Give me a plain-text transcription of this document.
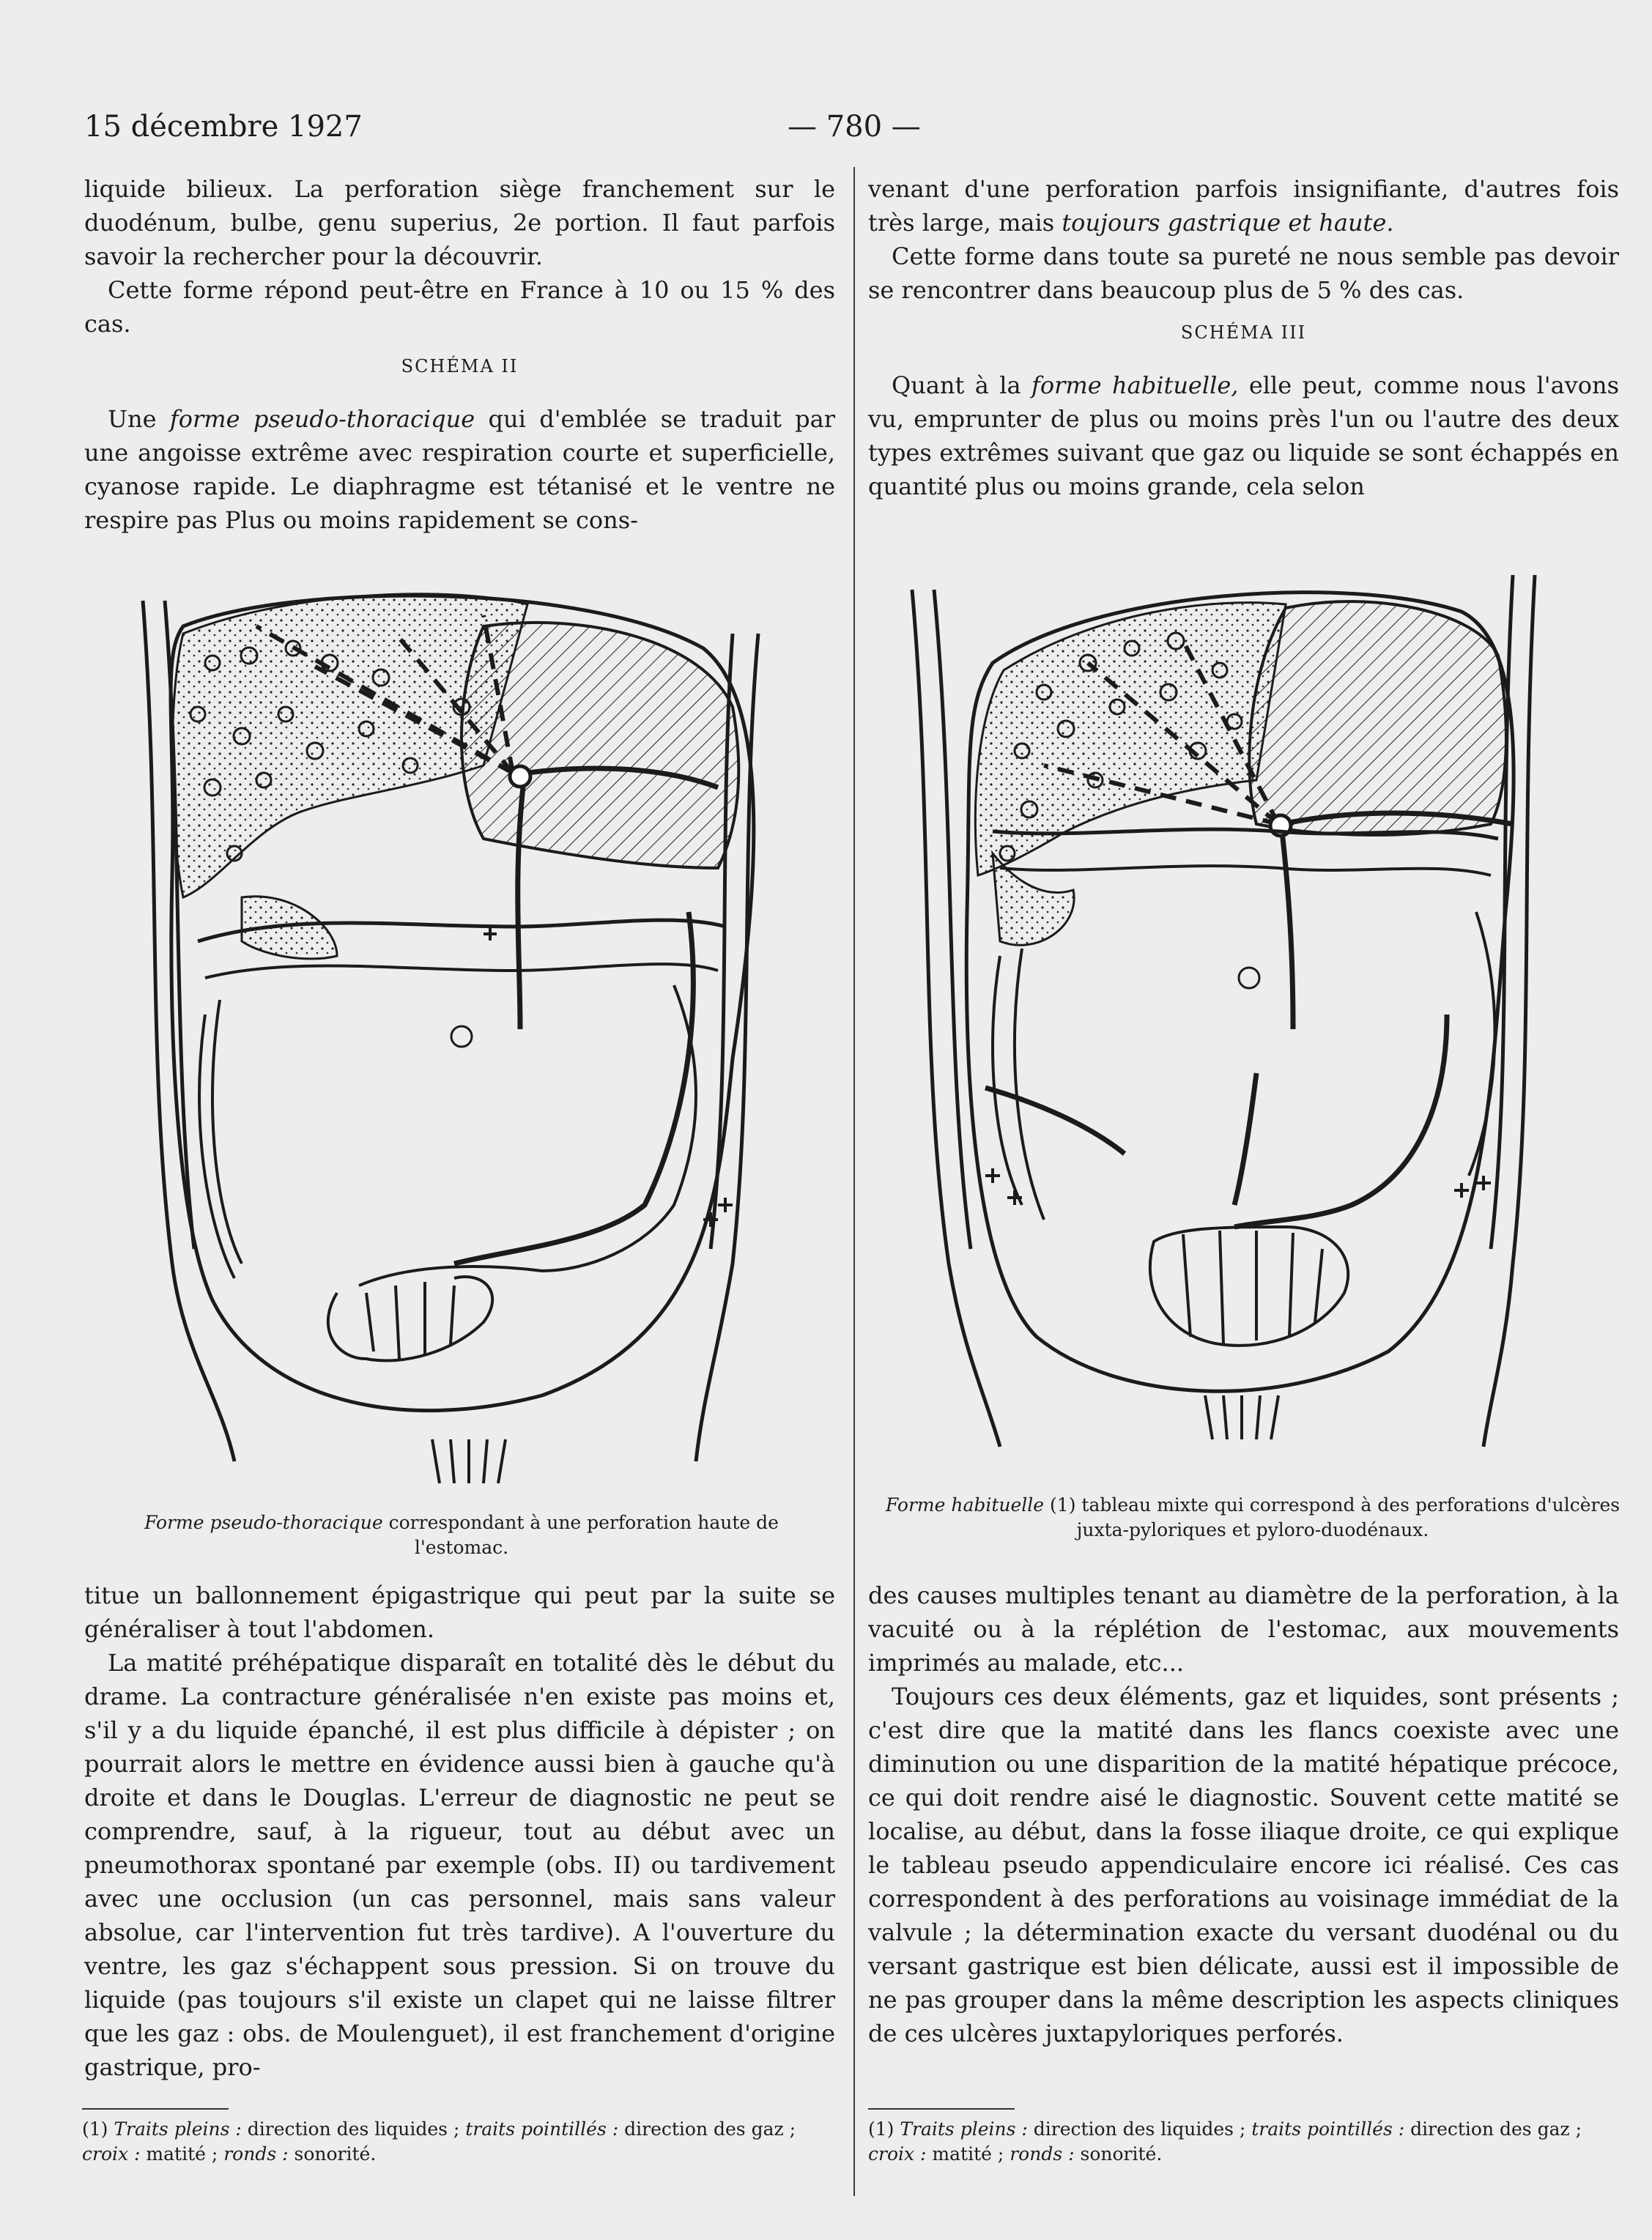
15 décembre 1927	— 780 —

liquide bilieux. La perforation siège franchement sur le duodénum, bulbe, genu superius, 2e portion. Il faut parfois savoir la rechercher pour la découvrir.

Cette forme répond peut-être en France à 10 ou 15 % des cas.

SCHÉMA II

Une forme pseudo-thoracique qui d'emblée se traduit par une angoisse extrême avec respiration courte et superficielle, cyanose rapide. Le diaphragme est tétanisé et le ventre ne respire pas Plus ou moins rapidement se cons-

Forme pseudo-thoracique correspondant à une perforation haute de l'estomac.

titue un ballonnement épigastrique qui peut par la suite se généraliser à tout l'abdomen.

La matité préhépatique disparaît en totalité dès le début du drame. La contracture généralisée n'en existe pas moins et, s'il y a du liquide épanché, il est plus difficile à dépister ; on pourrait alors le mettre en évidence aussi bien à gauche qu'à droite et dans le Douglas. L'erreur de diagnostic ne peut se comprendre, sauf, à la rigueur, tout au début avec un pneumothorax spontané par exemple (obs. II) ou tardivement avec une occlusion (un cas personnel, mais sans valeur absolue, car l'intervention fut très tardive). A l'ouverture du ventre, les gaz s'échappent sous pression. Si on trouve du liquide (pas toujours s'il existe un clapet qui ne laisse filtrer que les gaz : obs. de Moulenguet), il est franchement d'origine gastrique, pro-

venant d'une perforation parfois insignifiante, d'autres fois très large, mais toujours gastrique et haute.

Cette forme dans toute sa pureté ne nous semble pas devoir se rencontrer dans beaucoup plus de 5 % des cas.

SCHÉMA III

Quant à la forme habituelle, elle peut, comme nous l'avons vu, emprunter de plus ou moins près l'un ou l'autre des deux types extrêmes suivant que gaz ou liquide se sont échappés en quantité plus ou moins grande, cela selon

Forme habituelle (1) tableau mixte qui correspond à des perforations d'ulcères juxta-pyloriques et pyloro-duodénaux.

des causes multiples tenant au diamètre de la perforation, à la vacuité ou à la réplétion de l'estomac, aux mouvements imprimés au malade, etc...

Toujours ces deux éléments, gaz et liquides, sont présents ; c'est dire que la matité dans les flancs coexiste avec une diminution ou une disparition de la matité hépatique précoce, ce qui doit rendre aisé le diagnostic. Souvent cette matité se localise, au début, dans la fosse iliaque droite, ce qui explique le tableau pseudo appendiculaire encore ici réalisé. Ces cas correspondent à des perforations au voisinage immédiat de la valvule ; la détermination exacte du versant duodénal ou du versant gastrique est bien délicate, aussi est il impossible de ne pas grouper dans la même description les aspects cliniques de ces ulcères juxtapyloriques perforés.

(1) Traits pleins : direction des liquides ; traits pointillés : direction des gaz ; croix : matité ; ronds : sonorité.
(1) Traits pleins : direction des liquides ; traits pointillés : direction des gaz ; croix : matité ; ronds : sonorité.
